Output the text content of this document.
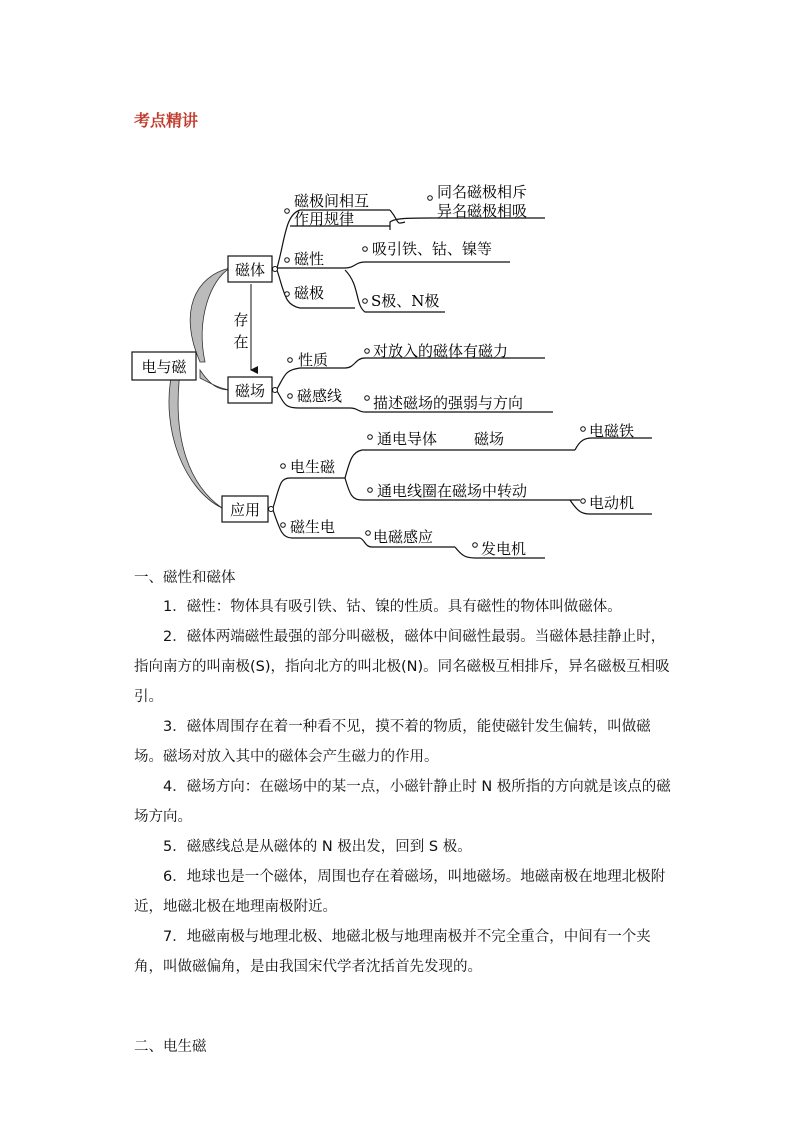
考点精讲
电与磁
磁体
存
在
磁场
应用
磁极间相互
作用规律
同名磁极相斥
异名磁极相吸
磁性
吸引铁、钴、镍等
磁极	S极、N极
性质	对放入的磁体有磁力
磁感线 描述磁场的强弱与方向
电生磁
通电导体 磁场	电磁铁
通电线圈在磁场中转动
电动机
磁生电
电磁感应
发电机
一、磁性和磁体

1．磁性：物体具有吸引铁、钴、镍的性质。具有磁性的物体叫做磁体。

2．磁体两端磁性最强的部分叫磁极，磁体中间磁性最弱。当磁体悬挂静止时，指向南方的叫南极(S)，指向北方的叫北极(N)。同名磁极互相排斥，异名磁极互相吸引。

3．磁体周围存在着一种看不见，摸不着的物质，能使磁针发生偏转，叫做磁场。磁场对放入其中的磁体会产生磁力的作用。

4．磁场方向：在磁场中的某一点，小磁针静止时 N 极所指的方向就是该点的磁场方向。

5．磁感线总是从磁体的 N 极出发，回到 S 极。

6．地球也是一个磁体，周围也存在着磁场，叫地磁场。地磁南极在地理北极附近，地磁北极在地理南极附近。

7．地磁南极与地理北极、地磁北极与地理南极并不完全重合，中间有一个夹角，叫做磁偏角，是由我国宋代学者沈括首先发现的。

二、电生磁
